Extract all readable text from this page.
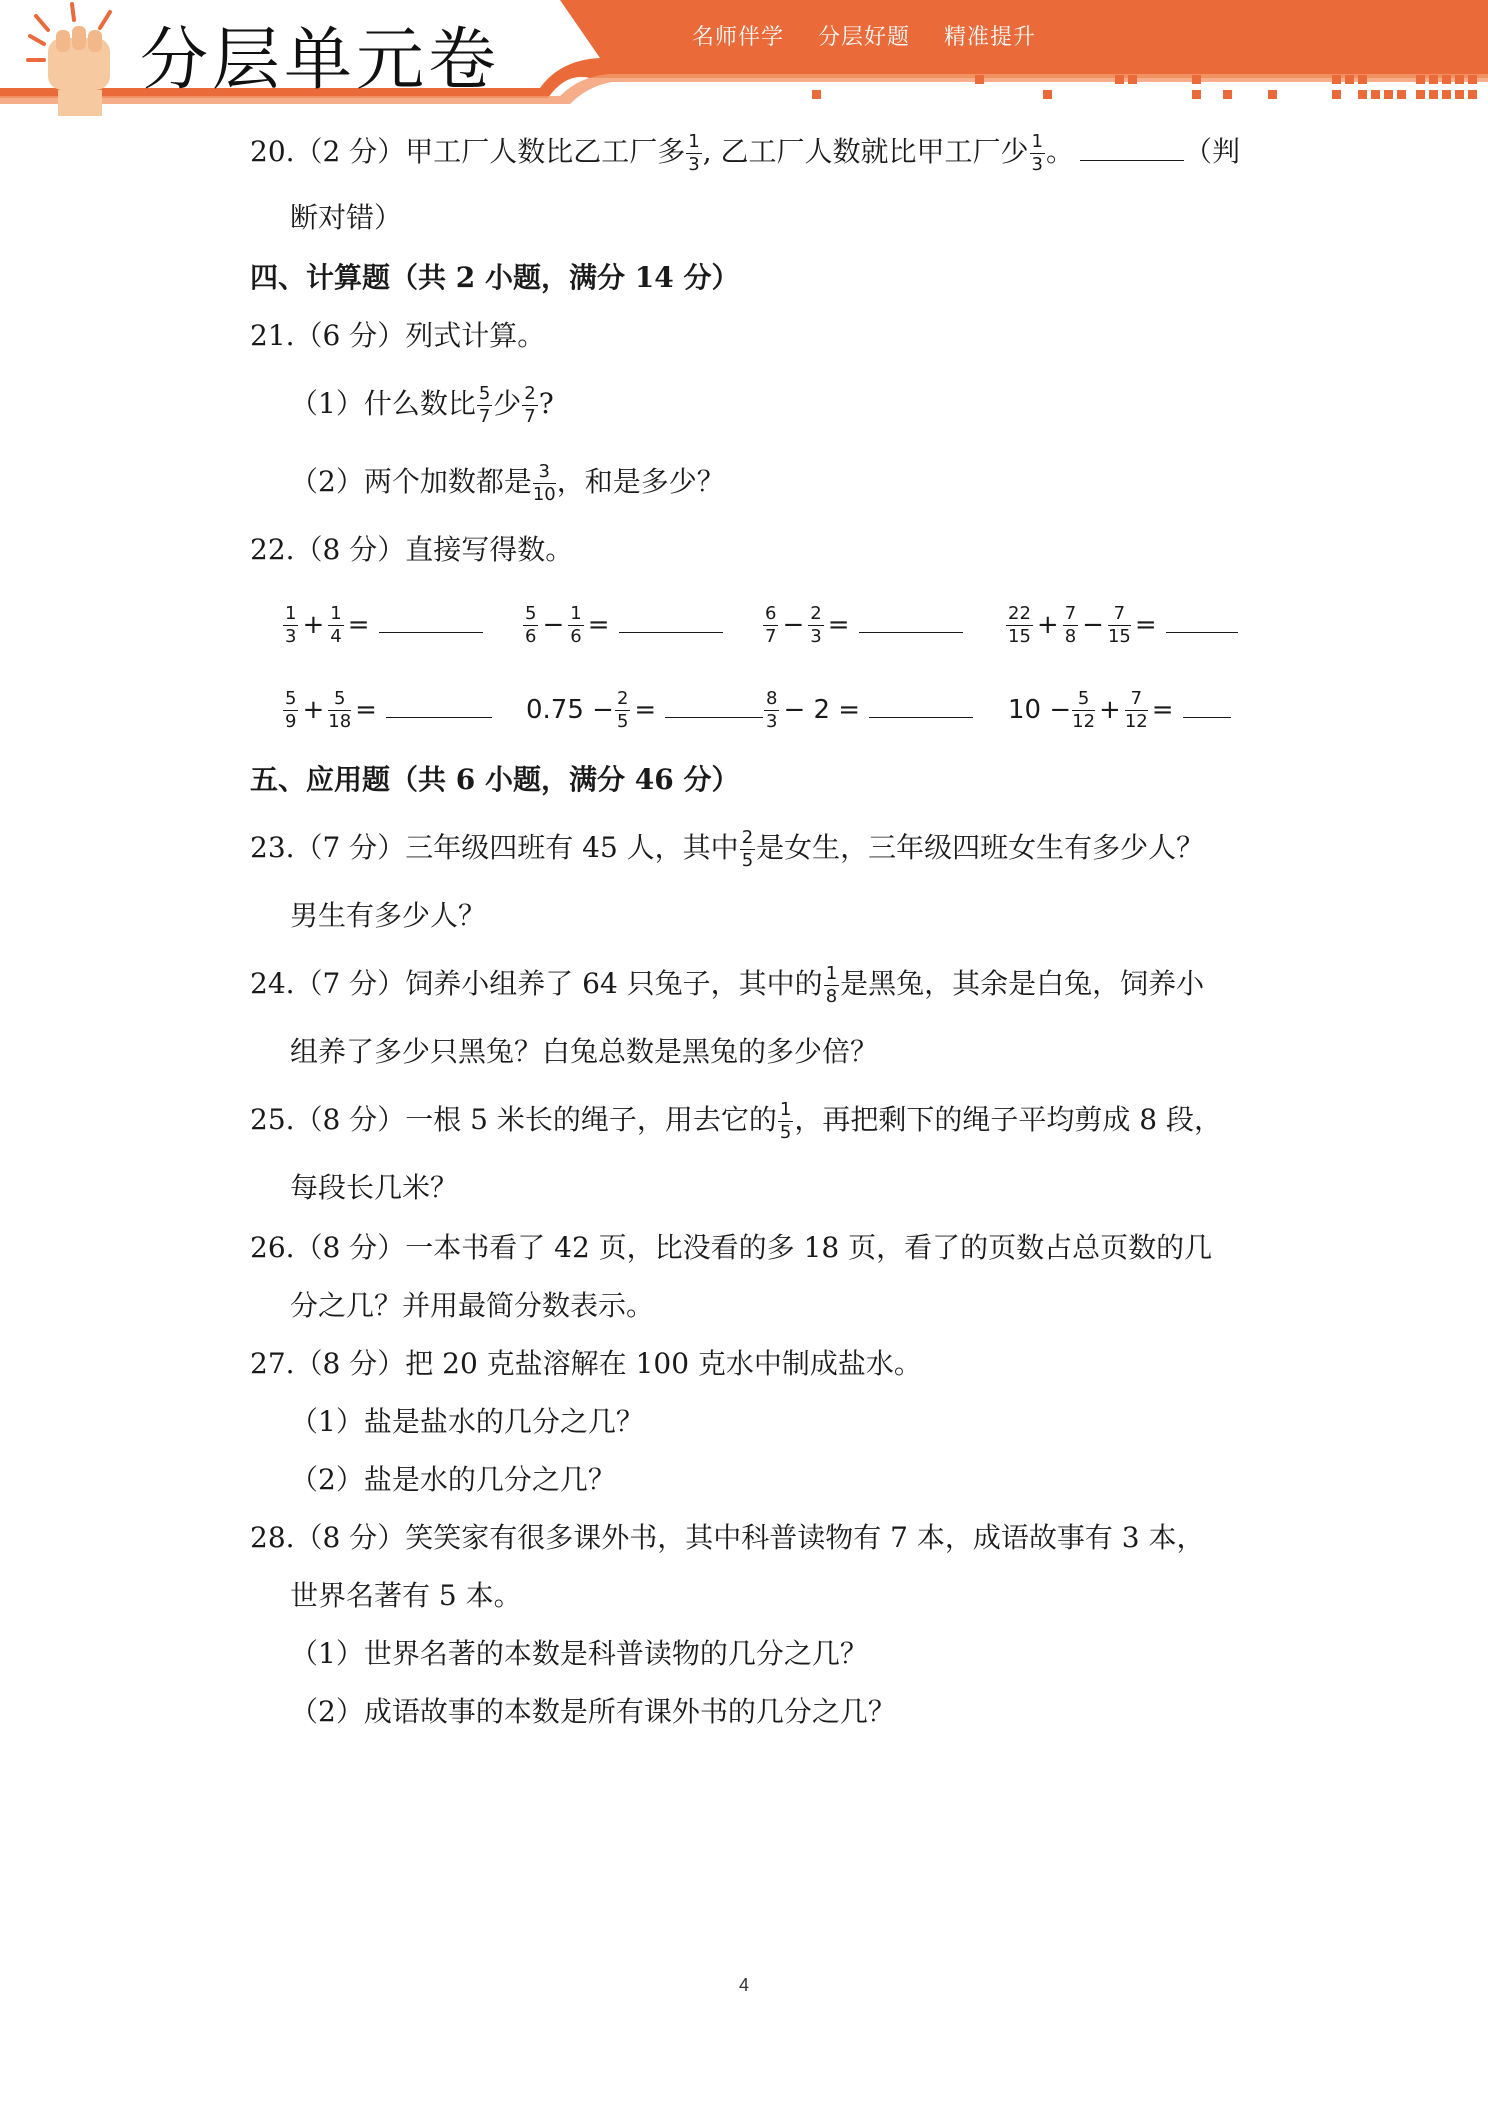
分层单元卷	名师伴学 分层好题 精准提升
20.（2 分）甲工厂人数比乙工厂多 $\frac{1}{3}$ , 乙工厂人数就比甲工厂少 $\frac{1}{3}$ 。	（判
断对错）
四、计算题（共 2 小题，满分 14 分）
21.（6 分）列式计算。
（1）什么数比 $\frac{5}{7}$ 少 $\frac{2}{7}$ ?
（2）两个加数都是 $\frac{3}{10}$ ，和是多少？
22.（8 分）直接写得数。
$\frac{1}{3} + \frac{1}{4}$ =	$\frac{5}{6} - \frac{1}{6}$ =	$\frac{6}{7} - \frac{2}{3}$ =	$\frac{22}{15} + \frac{7}{8} - \frac{7}{15}$ =
$\frac{5}{9} + \frac{5}{18}$ =	$0.75 - \frac{2}{5}$ =	$\frac{8}{3} - 2$ =	$10 - \frac{5}{12} + \frac{7}{12}$ =
五、应用题（共 6 小题，满分 46 分）
23.（7 分）三年级四班有 45 人，其中 $\frac{2}{5}$ 是女生，三年级四班女生有多少人？
男生有多少人？
24.（7 分）饲养小组养了 64 只兔子，其中的 $\frac{1}{8}$ 是黑兔，其余是白兔，饲养小
组养了多少只黑兔？白兔总数是黑兔的多少倍？
25.（8 分）一根 5 米长的绳子，用去它的 $\frac{1}{5}$ ，再把剩下的绳子平均剪成 8 段，
每段长几米？
26.（8 分）一本书看了 42 页，比没看的多 18 页，看了的页数占总页数的几
分之几？并用最简分数表示。
27.（8 分）把 20 克盐溶解在 100 克水中制成盐水。
（1）盐是盐水的几分之几？
（2）盐是水的几分之几？
28.（8 分）笑笑家有很多课外书，其中科普读物有 7 本，成语故事有 3 本，
世界名著有 5 本。
（1）世界名著的本数是科普读物的几分之几？
（2）成语故事的本数是所有课外书的几分之几？
4
